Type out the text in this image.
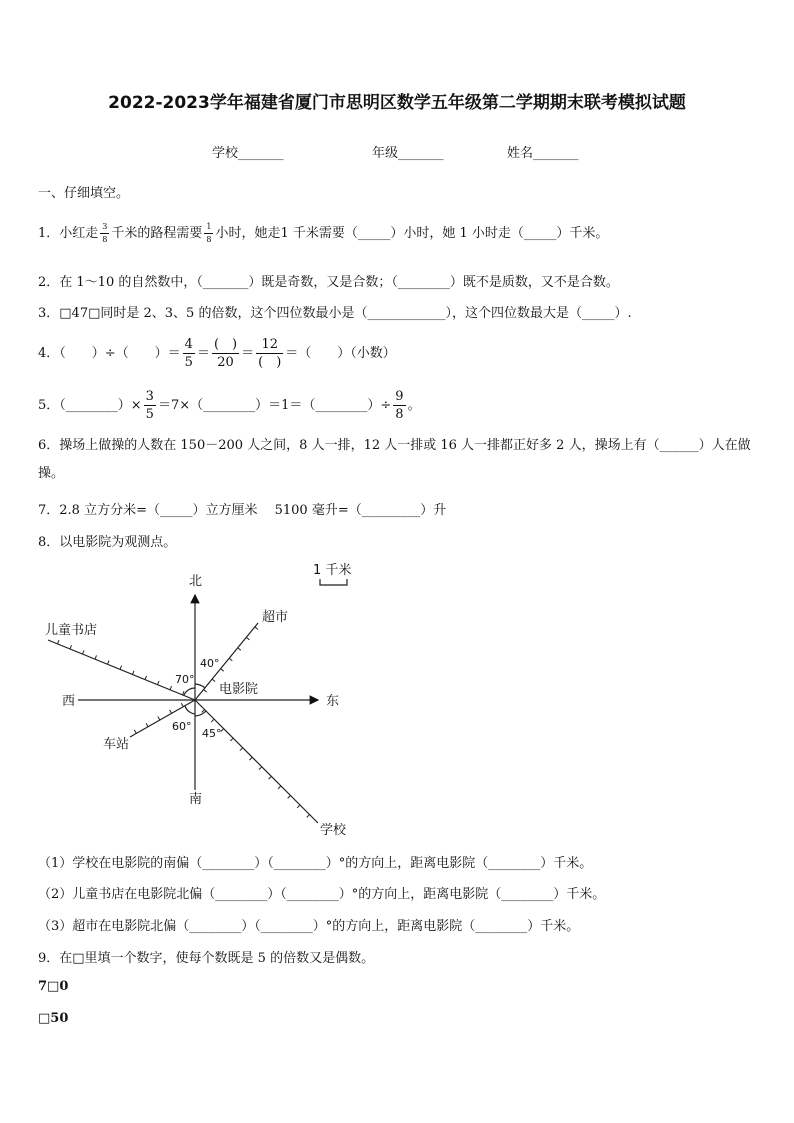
2022-2023学年福建省厦门市思明区数学五年级第二学期期末联考模拟试题
学校_______	年级_______	姓名_______
一、仔细填空。
1．小红走 $\frac{3}{8}$ 千米的路程需要 $\frac{1}{8}$ 小时，她走1 千米需要（_____）小时，她 1 小时走（_____）千米。
2．在 1～10 的自然数中，（_______）既是奇数，又是合数；（________）既不是质数，又不是合数。
3．□47□同时是 2、3、5 的倍数，这个四位数最小是（____________），这个四位数最大是（_____）.
4．（　　）÷（　　）＝ $\frac{4}{5} = \frac{( )}{20} = \frac{12}{( )}$ ＝（　　）（小数）
5．（________）× $\frac{3}{5}$ ＝7×（________）＝1＝（________）÷ $\frac{9}{8}$ 。
6．操场上做操的人数在 150－200 人之间，8 人一排，12 人一排或 16 人一排都正好多 2 人，操场上有（______）人在做操。
7．2.8 立方分米=（_____）立方厘米　 5100 毫升=（_________）升
8．以电影院为观测点。
北
南
西	东
1 千米
电影院
超市
儿童书店
车站
学校
40°
70°
60°
45°
（1）学校在电影院的南偏（________）（________）°的方向上，距离电影院（________）千米。
（2）儿童书店在电影院北偏（________）（________）°的方向上，距离电影院（________）千米。
（3）超市在电影院北偏（________）（________）°的方向上，距离电影院（________）千米。
9．在□里填一个数字，使每个数既是 5 的倍数又是偶数。
7□0
□50
